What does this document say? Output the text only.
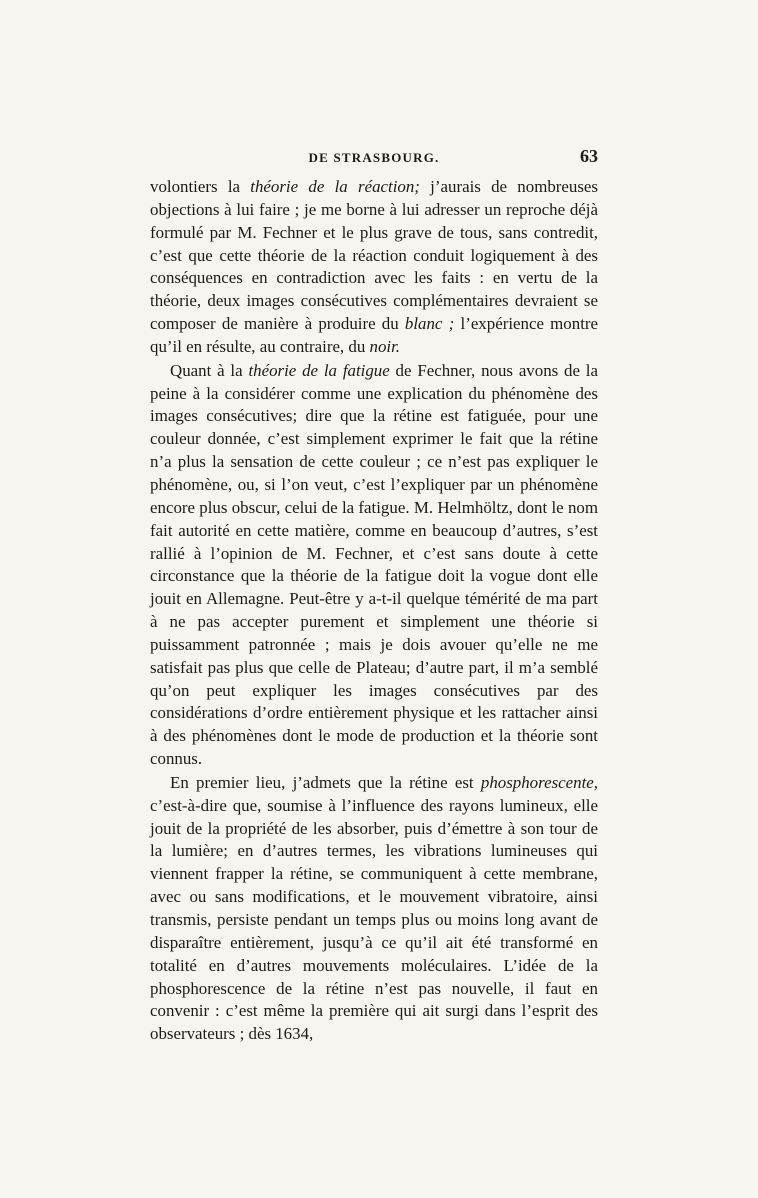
DE STRASBOURG.	63

volontiers la théorie de la réaction; j’aurais de nombreuses objections à lui faire ; je me borne à lui adresser un reproche déjà formulé par M. Fechner et le plus grave de tous, sans contredit, c’est que cette théorie de la réaction conduit logiquement à des conséquences en contradiction avec les faits : en vertu de la théorie, deux images consécutives complémentaires devraient se composer de manière à produire du blanc ; l’expérience montre qu’il en résulte, au contraire, du noir.

Quant à la théorie de la fatigue de Fechner, nous avons de la peine à la considérer comme une explication du phénomène des images consécutives; dire que la rétine est fatiguée, pour une couleur donnée, c’est simplement exprimer le fait que la rétine n’a plus la sensation de cette couleur ; ce n’est pas expliquer le phénomène, ou, si l’on veut, c’est l’expliquer par un phénomène encore plus obscur, celui de la fatigue. M. Helmhöltz, dont le nom fait autorité en cette matière, comme en beaucoup d’autres, s’est rallié à l’opinion de M. Fechner, et c’est sans doute à cette circonstance que la théorie de la fatigue doit la vogue dont elle jouit en Allemagne. Peut-être y a-t-il quelque témérité de ma part à ne pas accepter purement et simplement une théorie si puissamment patronnée ; mais je dois avouer qu’elle ne me satisfait pas plus que celle de Plateau; d’autre part, il m’a semblé qu’on peut expliquer les images consécutives par des considérations d’ordre entièrement physique et les rattacher ainsi à des phénomènes dont le mode de production et la théorie sont connus.

En premier lieu, j’admets que la rétine est phosphorescente, c’est-à-dire que, soumise à l’influence des rayons lumineux, elle jouit de la propriété de les absorber, puis d’émettre à son tour de la lumière; en d’autres termes, les vibrations lumineuses qui viennent frapper la rétine, se communiquent à cette membrane, avec ou sans modifications, et le mouvement vibratoire, ainsi transmis, persiste pendant un temps plus ou moins long avant de disparaître entièrement, jusqu’à ce qu’il ait été transformé en totalité en d’autres mouvements moléculaires. L’idée de la phosphorescence de la rétine n’est pas nouvelle, il faut en convenir : c’est même la première qui ait surgi dans l’esprit des observateurs ; dès 1634,
